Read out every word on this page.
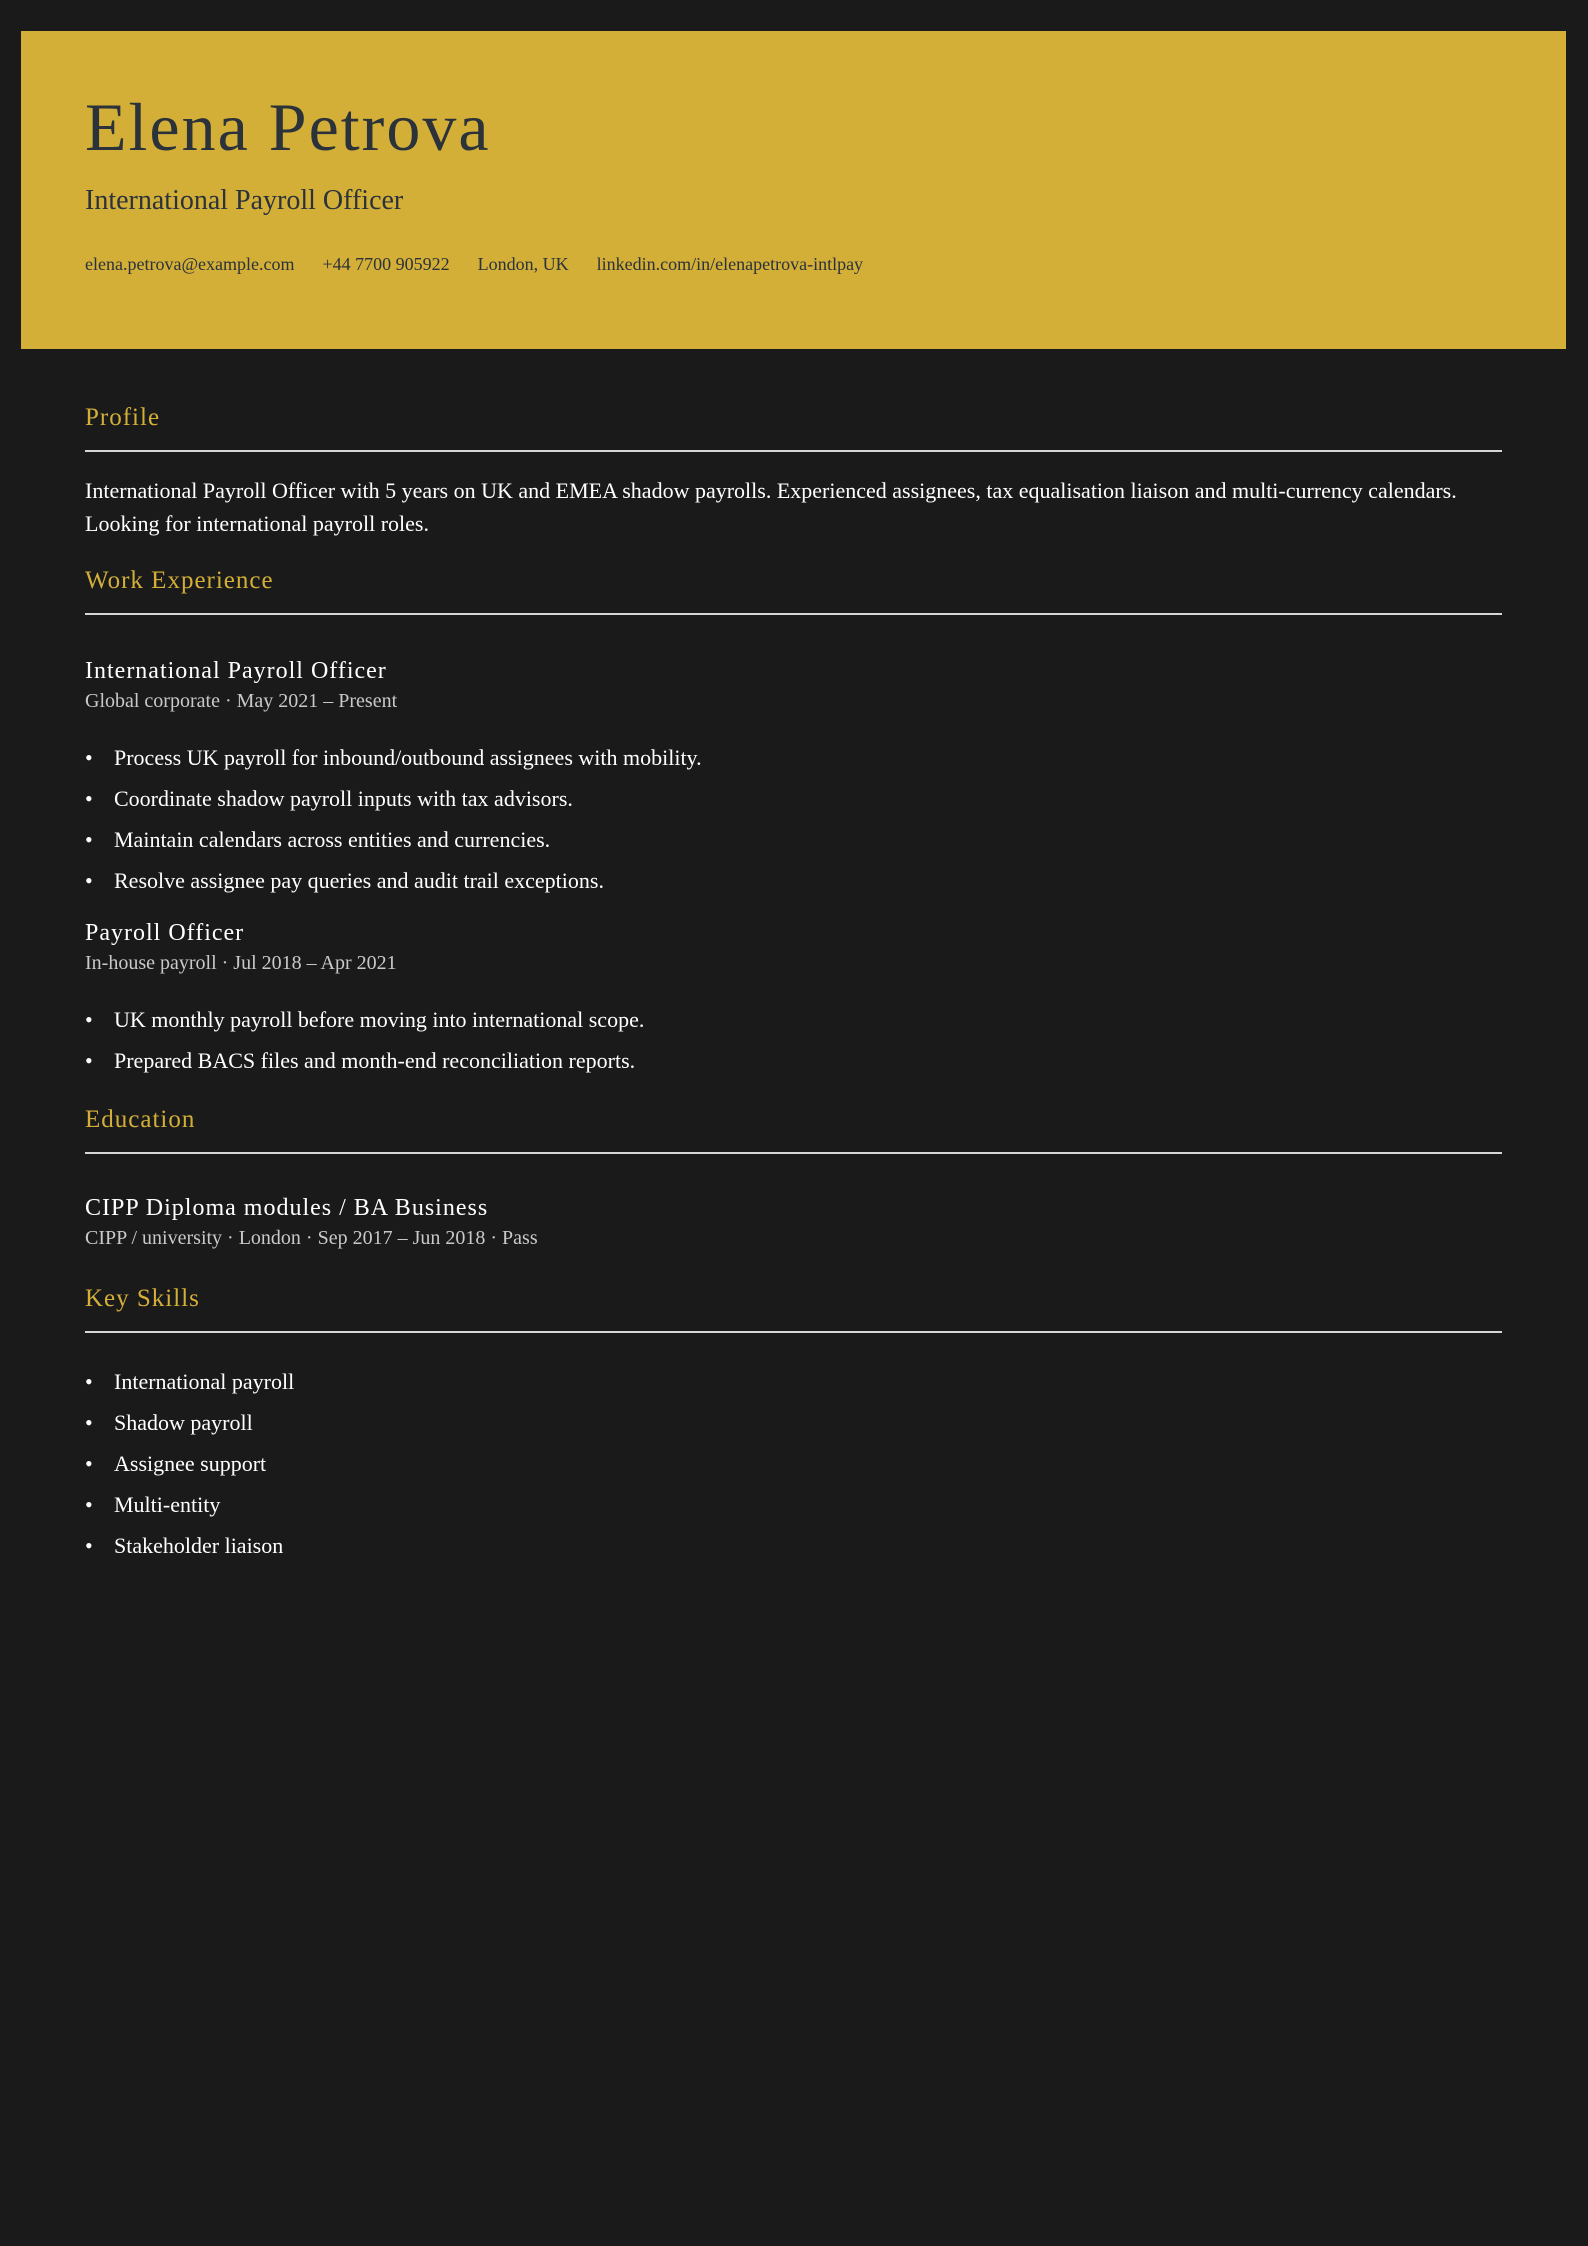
Elena Petrova
International Payroll Officer
elena.petrova@example.com +44 7700 905922 London, UK linkedin.com/in/elenapetrova-intlpay
Profile

International Payroll Officer with 5 years on UK and EMEA shadow payrolls. Experienced assignees, tax equalisation liaison and multi-currency calendars. Looking for international payroll roles.

Work Experience
International Payroll Officer
Global corporate · May 2021 – Present
• Process UK payroll for inbound/outbound assignees with mobility.
• Coordinate shadow payroll inputs with tax advisors.
• Maintain calendars across entities and currencies.
• Resolve assignee pay queries and audit trail exceptions.
Payroll Officer
In-house payroll · Jul 2018 – Apr 2021
• UK monthly payroll before moving into international scope.
• Prepared BACS files and month-end reconciliation reports.
Education
CIPP Diploma modules / BA Business
CIPP / university · London · Sep 2017 – Jun 2018 · Pass
Key Skills
• International payroll
• Shadow payroll
• Assignee support
• Multi-entity
• Stakeholder liaison
